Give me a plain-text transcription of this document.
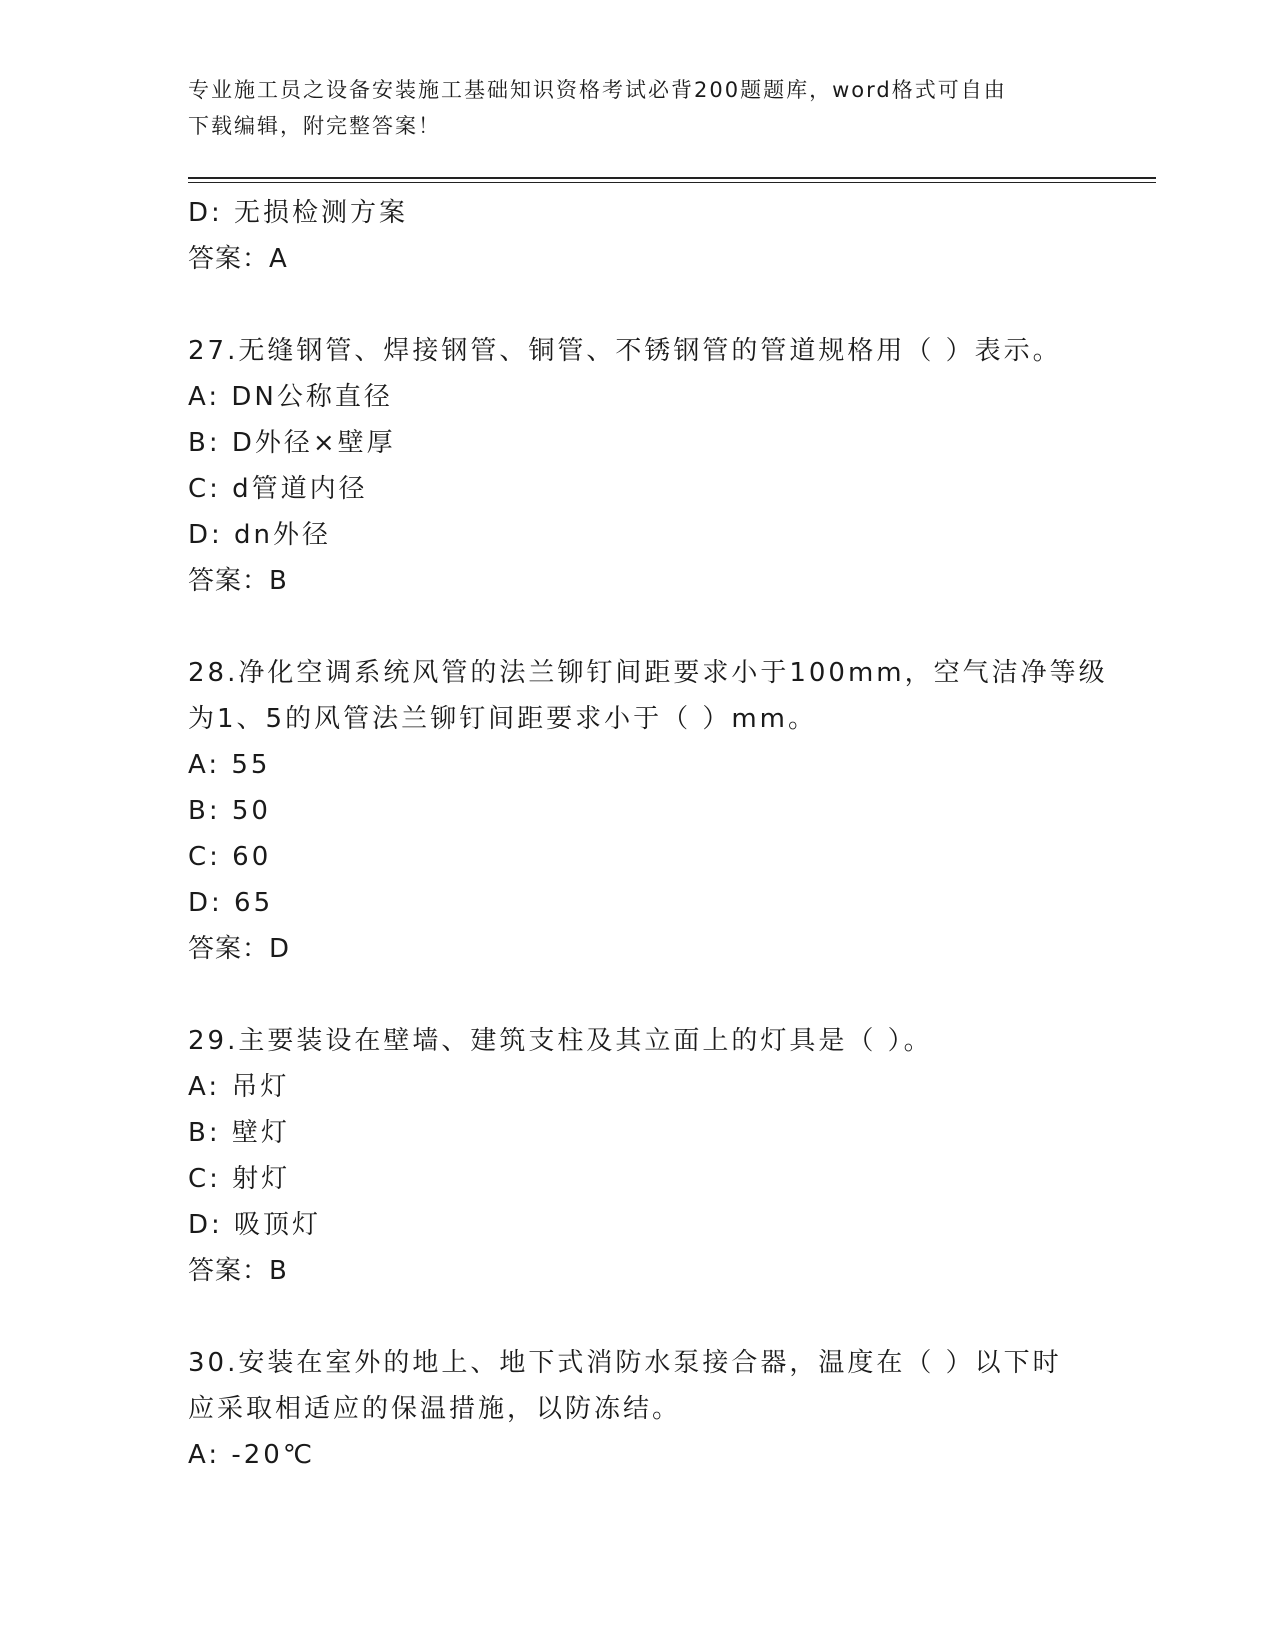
专业施工员之设备安装施工基础知识资格考试必背200题题库，word格式可自由
下载编辑，附完整答案！
D: 无损检测方案
答案：A
27.无缝钢管、焊接钢管、铜管、不锈钢管的管道规格用（ ）表示。
A: DN公称直径
B: D外径×壁厚
C: d管道内径
D: dn外径
答案：B
28.净化空调系统风管的法兰铆钉间距要求小于100mm，空气洁净等级
为1、5的风管法兰铆钉间距要求小于（ ）mm。
A: 55
B: 50
C: 60
D: 65
答案：D
29.主要装设在壁墙、建筑支柱及其立面上的灯具是（ ）。
A: 吊灯
B: 壁灯
C: 射灯
D: 吸顶灯
答案：B
30.安装在室外的地上、地下式消防水泵接合器，温度在（ ）以下时
应采取相适应的保温措施，以防冻结。
A: -20℃
